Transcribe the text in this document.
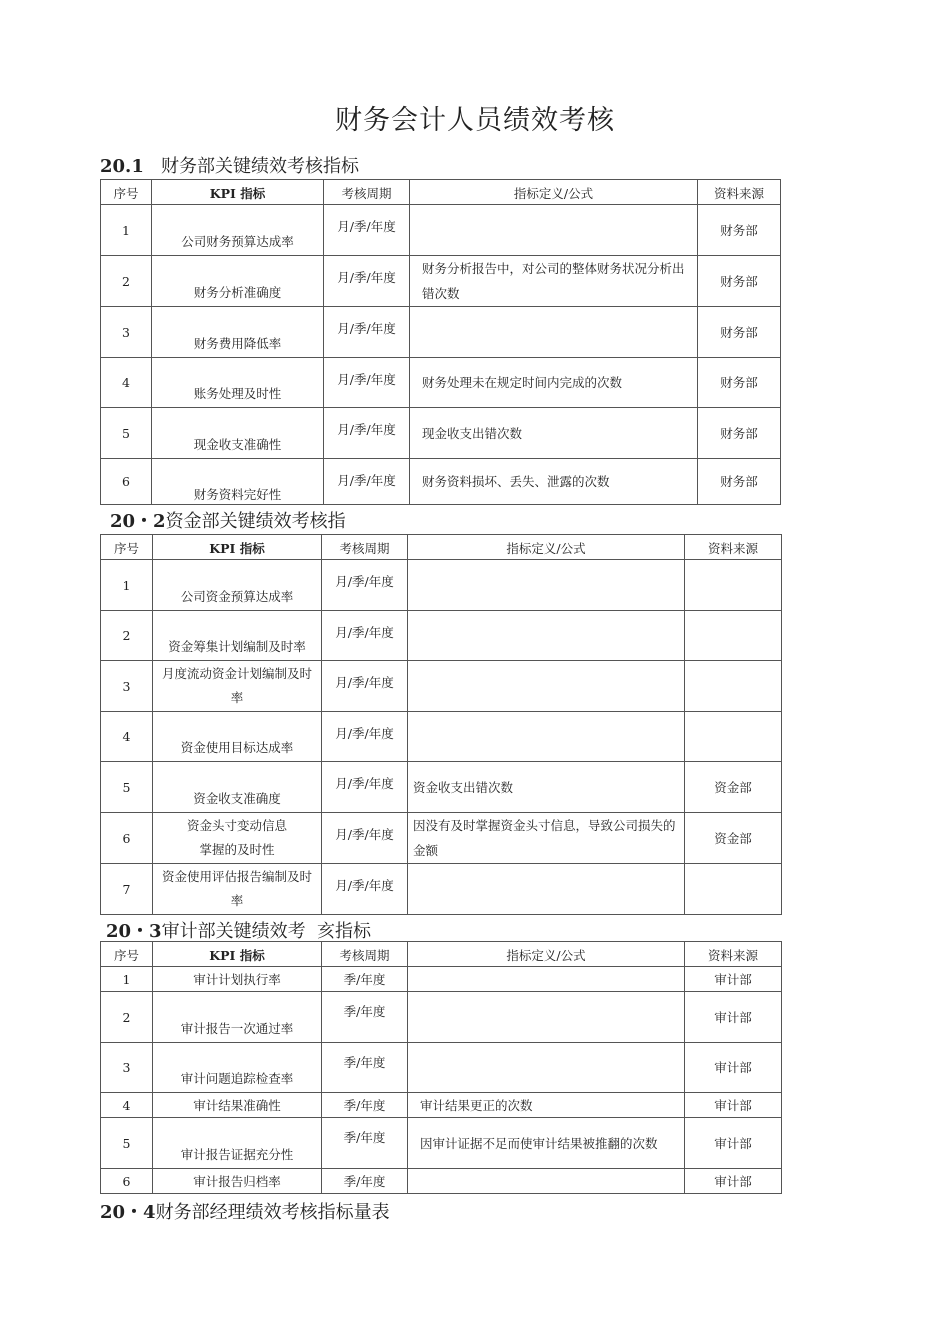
财务会计人员绩效考核
20.1 财务部关键绩效考核指标
序号	KPI 指标	考核周期	指标定义/公式	资料来源
1	公司财务预算达成率	月/季/年度		财务部
2	财务分析准确度	月/季/年度	财务分析报告中，对公司的整体财务状况分析出错次数	财务部
3	财务费用降低率	月/季/年度		财务部
4	账务处理及时性	月/季/年度	财务处理未在规定时间内完成的次数	财务部
5	现金收支准确性	月/季/年度	现金收支出错次数	财务部
6	财务资料完好性	月/季/年度	财务资料损坏、丢失、泄露的次数	财务部
20・2资金部关键绩效考核指
序号	KPI 指标	考核周期	指标定义/公式	资料来源
1	公司资金预算达成率	月/季/年度		
2	资金筹集计划编制及时率	月/季/年度		
3	月度流动资金计划编制及时率	月/季/年度		
4	资金使用目标达成率	月/季/年度		
5	资金收支准确度	月/季/年度	资金收支出错次数	资金部
6	资金头寸变动信息掌握的及时性	月/季/年度	因没有及时掌握资金头寸信息，导致公司损失的金额	资金部
7	资金使用评估报告编制及时率	月/季/年度		
20・3审计部关键绩效考  亥指标
序号	KPI 指标	考核周期	指标定义/公式	资料来源
1	审计计划执行率	季/年度		审计部
2	审计报告一次通过率	季/年度		审计部
3	审计问题追踪检查率	季/年度		审计部
4	审计结果准确性	季/年度	审计结果更正的次数	审计部
5	审计报告证据充分性	季/年度	因审计证据不足而使审计结果被推翻的次数	审计部
6	审计报告归档率	季/年度		审计部
20・4财务部经理绩效考核指标量表
